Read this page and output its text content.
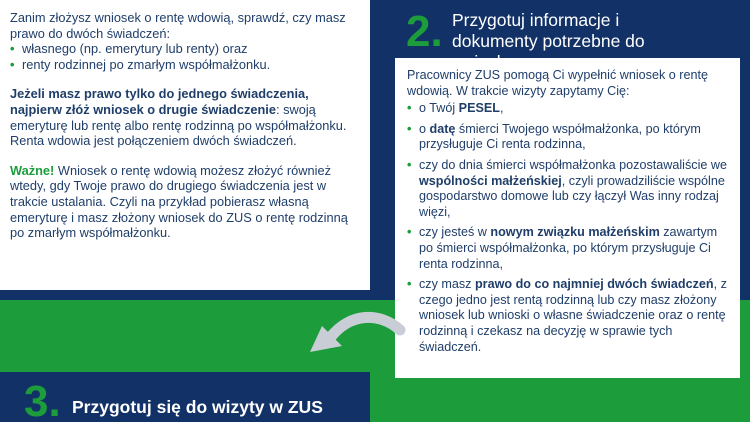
Zanim złożysz wniosek o rentę wdowią, sprawdź, czy masz prawo do dwóch świadczeń:

• własnego (np. emerytury lub renty) oraz
• renty rodzinnej po zmarłym współmałżonku.

Jeżeli masz prawo tylko do jednego świadczenia, najpierw złóż wniosek o drugie świadczenie: swoją emeryturę lub rentę albo rentę rodzinną po współmałżonku. Renta wdowia jest połączeniem dwóch świadczeń.

Ważne! Wniosek o rentę wdowią możesz złożyć również wtedy, gdy Twoje prawo do drugiego świadczenia jest w trakcie ustalania. Czyli na przykład pobierasz własną emeryturę i masz złożony wniosek do ZUS o rentę rodzinną po zmarłym współmałżonku.

2. Przygotuj informacje i dokumenty potrzebne do

Pracownicy ZUS pomogą Ci wypełnić wniosek o rentę wdowią. W trakcie wizyty zapytamy Cię:

• o Twój PESEL,
• o datę śmierci Twojego współmałżonka, po którym przysługuje Ci renta rodzinna,
• czy do dnia śmierci współmałżonka pozostawaliście we wspólności małżeńskiej, czyli prowadziliście wspólne gospodarstwo domowe lub czy łączył Was inny rodzaj więzi,
• czy jesteś w nowym związku małżeńskim zawartym po śmierci współmałżonka, po którym przysługuje Ci renta rodzinna,
• czy masz prawo do co najmniej dwóch świadczeń, z czego jedno jest rentą rodzinną lub czy masz złożony wniosek lub wnioski o własne świadczenie oraz o rentę rodzinną i czekasz na decyzję w sprawie tych świadczeń.
3. Przygotuj się do wizyty w ZUS
